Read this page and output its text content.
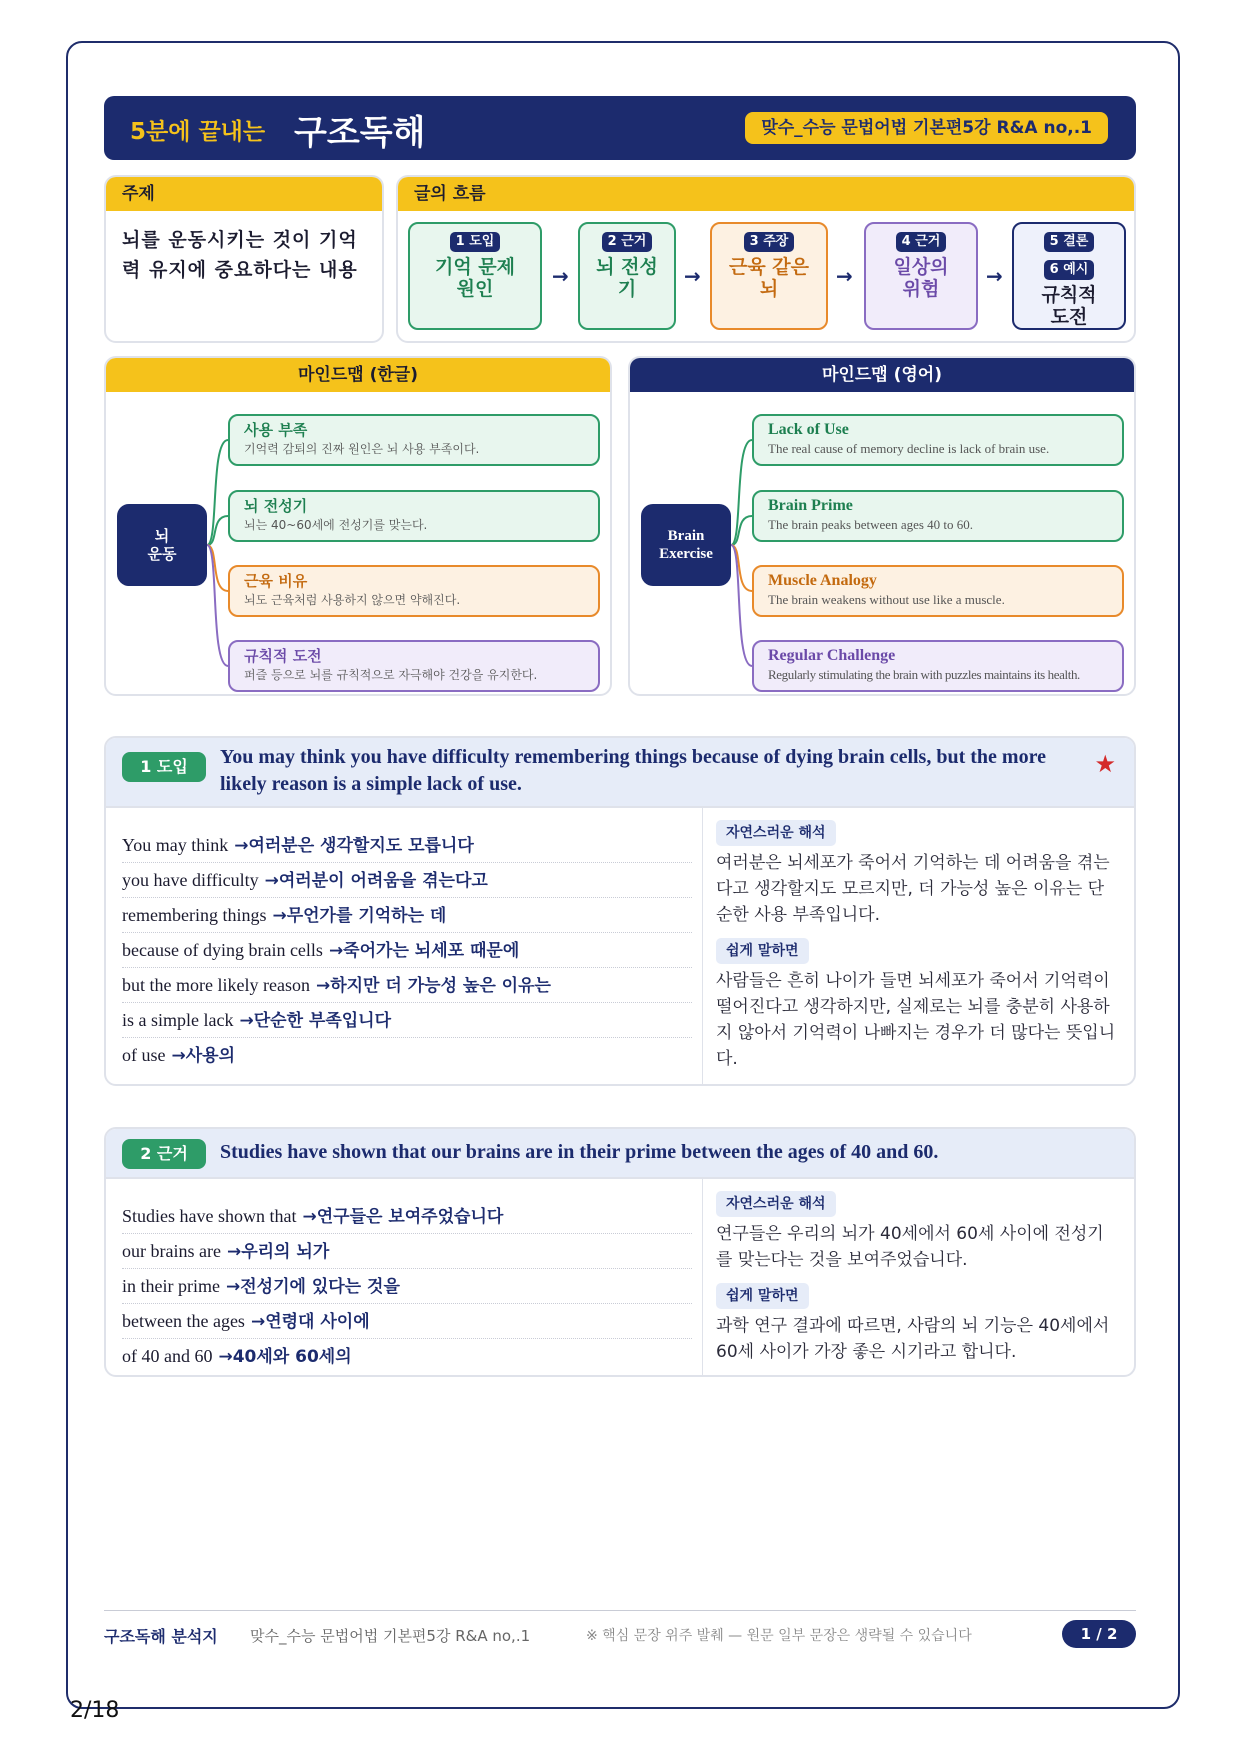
5분에 끝내는 구조독해	맞수_수능 문법어법 기본편5강 R&A no,.1
주제
뇌를 운동시키는 것이 기억력 유지에 중요하다는 내용
글의 흐름
1 도입

기억 문제 원인
2 근거

뇌 전성기
3 주장

근육 같은 뇌
4 근거

일상의 위험
5 결론
6 예시

규칙적 도전
→	→	→	→
마인드맵 (한글)	마인드맵 (영어)
뇌
운동
사용 부족
기억력 감퇴의 진짜 원인은 뇌 사용 부족이다.
뇌 전성기
뇌는 40~60세에 전성기를 맞는다.
근육 비유
뇌도 근육처럼 사용하지 않으면 약해진다.
규칙적 도전
퍼즐 등으로 뇌를 규칙적으로 자극해야 건강을 유지한다.
Brain
Exercise
Lack of Use
The real cause of memory decline is lack of brain use.
Brain Prime
The brain peaks between ages 40 to 60.
Muscle Analogy
The brain weakens without use like a muscle.
Regular Challenge
Regularly stimulating the brain with puzzles maintains its health.
1 도입	You may think you have difficulty remembering things because of dying brain cells, but the more likely reason is a simple lack of use.
★
You may think →여러분은 생각할지도 모릅니다
you have difficulty →여러분이 어려움을 겪는다고
remembering things →무언가를 기억하는 데
because of dying brain cells →죽어가는 뇌세포 때문에
but the more likely reason →하지만 더 가능성 높은 이유는
is a simple lack →단순한 부족입니다
of use →사용의
자연스러운 해석
여러분은 뇌세포가 죽어서 기억하는 데 어려움을 겪는다고 생각할지도 모르지만, 더 가능성 높은 이유는 단순한 사용 부족입니다.
쉽게 말하면
사람들은 흔히 나이가 들면 뇌세포가 죽어서 기억력이 떨어진다고 생각하지만, 실제로는 뇌를 충분히 사용하지 않아서 기억력이 나빠지는 경우가 더 많다는 뜻입니다.
2 근거	Studies have shown that our brains are in their prime between the ages of 40 and 60.
Studies have shown that →연구들은 보여주었습니다
our brains are →우리의 뇌가
in their prime →전성기에 있다는 것을
between the ages →연령대 사이에
of 40 and 60 →40세와 60세의
자연스러운 해석
연구들은 우리의 뇌가 40세에서 60세 사이에 전성기를 맞는다는 것을 보여주었습니다.
쉽게 말하면
과학 연구 결과에 따르면, 사람의 뇌 기능은 40세에서 60세 사이가 가장 좋은 시기라고 합니다.
구조독해 분석지 맞수_수능 문법어법 기본편5강 R&A no,.1	※ 핵심 문장 위주 발췌 — 원문 일부 문장은 생략될 수 있습니다	1 / 2
2/18
